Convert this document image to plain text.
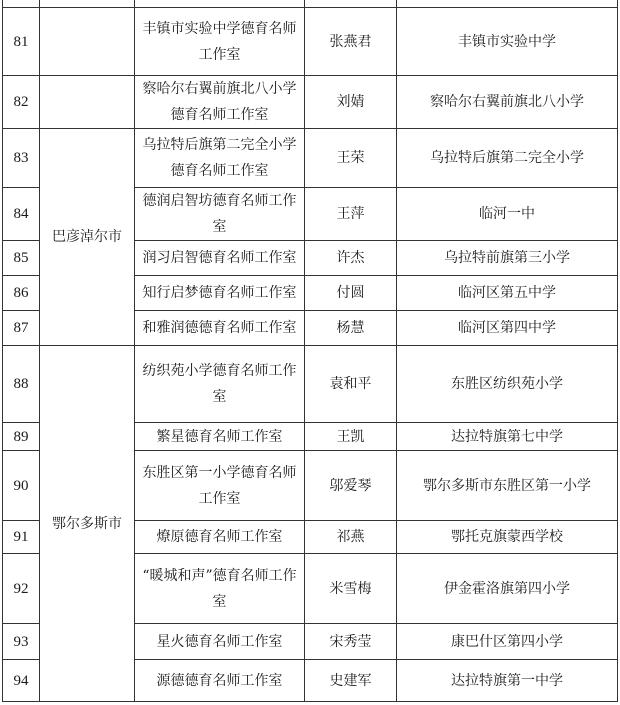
81		丰镇市实验中学德育名师工作室	张燕君	丰镇市实验中学
82		察哈尔右翼前旗北八小学德育名师工作室	刘婧	察哈尔右翼前旗北八小学
83	巴彦淖尔市	乌拉特后旗第二完全小学德育名师工作室	王荣	乌拉特后旗第二完全小学
84		德润启智坊德育名师工作室	王萍	临河一中
85		润习启智德育名师工作室	许杰	乌拉特前旗第三小学
86		知行启梦德育名师工作室	付圆	临河区第五中学
87		和雅润德德育名师工作室	杨慧	临河区第四中学
88	鄂尔多斯市	纺织苑小学德育名师工作室	袁和平	东胜区纺织苑小学
89		繁星德育名师工作室	王凯	达拉特旗第七中学
90		东胜区第一小学德育名师工作室	邬爱琴	鄂尔多斯市东胜区第一小学
91		燎原德育名师工作室	祁燕	鄂托克旗蒙西学校
92		“暖城和声”德育名师工作室	米雪梅	伊金霍洛旗第四小学
93		星火德育名师工作室	宋秀莹	康巴什区第四小学
94		源德德育名师工作室	史建军	达拉特旗第一中学
